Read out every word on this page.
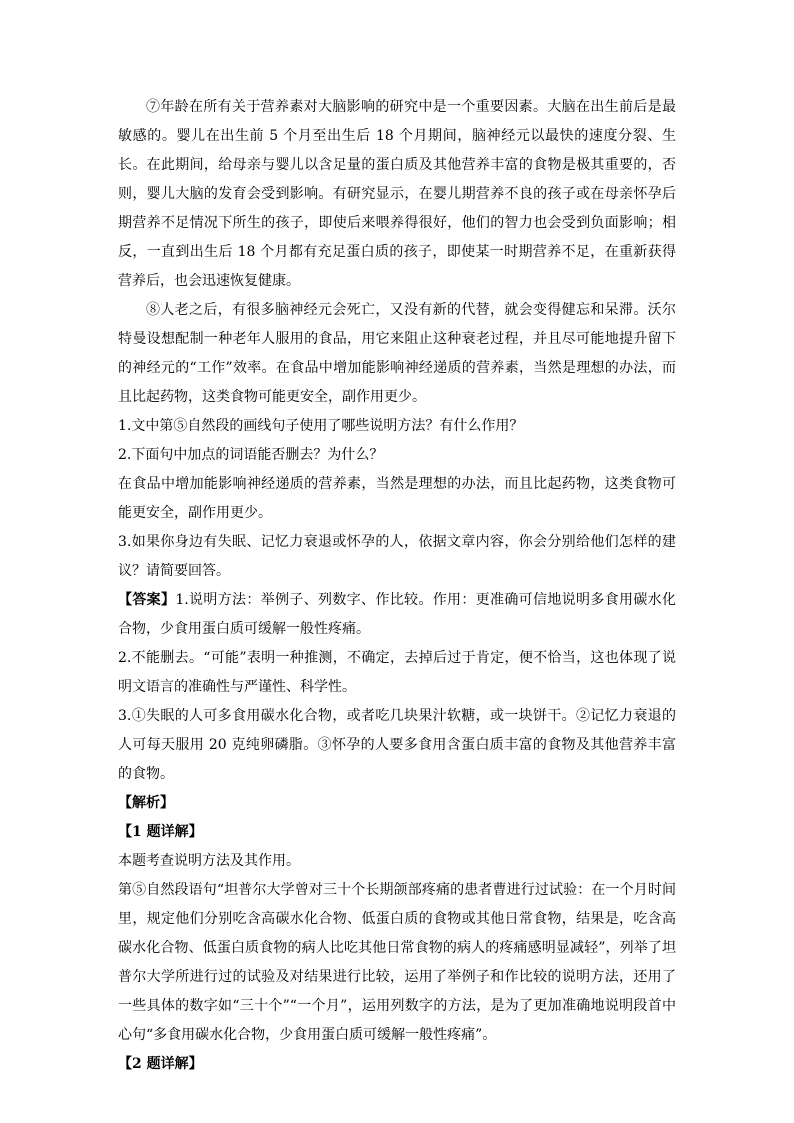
⑦年龄在所有关于营养素对大脑影响的研究中是一个重要因素。大脑在出生前后是最敏感的。婴儿在出生前 5 个月至出生后 18 个月期间，脑神经元以最快的速度分裂、生长。在此期间，给母亲与婴儿以含足量的蛋白质及其他营养丰富的食物是极其重要的，否则，婴儿大脑的发育会受到影响。有研究显示，在婴儿期营养不良的孩子或在母亲怀孕后期营养不足情况下所生的孩子，即使后来喂养得很好，他们的智力也会受到负面影响；相反，一直到出生后 18 个月都有充足蛋白质的孩子，即使某一时期营养不足，在重新获得营养后，也会迅速恢复健康。

⑧人老之后，有很多脑神经元会死亡，又没有新的代替，就会变得健忘和呆滞。沃尔特曼设想配制一种老年人服用的食品，用它来阻止这种衰老过程，并且尽可能地提升留下的神经元的“工作”效率。在食品中增加能影响神经递质的营养素，当然是理想的办法，而且比起药物，这类食物可能更安全，副作用更少。

1.文中第⑤自然段的画线句子使用了哪些说明方法？有什么作用？

2.下面句中加点的词语能否删去？为什么？

在食品中增加能影响神经递质的营养素，当然是理想的办法，而且比起药物，这类食物可能更安全，副作用更少。

3.如果你身边有失眠、记忆力衰退或怀孕的人，依据文章内容，你会分别给他们怎样的建议？请简要回答。

【答案】1.说明方法：举例子、列数字、作比较。作用：更准确可信地说明多食用碳水化合物，少食用蛋白质可缓解一般性疼痛。

2.不能删去。“可能”表明一种推测，不确定，去掉后过于肯定，便不恰当，这也体现了说明文语言的准确性与严谨性、科学性。

3.①失眠的人可多食用碳水化合物，或者吃几块果汁软糖，或一块饼干。②记忆力衰退的人可每天服用 20 克纯卵磷脂。③怀孕的人要多食用含蛋白质丰富的食物及其他营养丰富的食物。

【解析】

【1 题详解】

本题考查说明方法及其作用。

第⑤自然段语句“坦普尔大学曾对三十个长期颌部疼痛的患者曹进行过试验：在一个月时间里，规定他们分别吃含高碳水化合物、低蛋白质的食物或其他日常食物，结果是，吃含高碳水化合物、低蛋白质食物的病人比吃其他日常食物的病人的疼痛感明显减轻”，列举了坦普尔大学所进行过的试验及对结果进行比较，运用了举例子和作比较的说明方法，还用了一些具体的数字如“三十个”“一个月”，运用列数字的方法，是为了更加准确地说明段首中心句“多食用碳水化合物，少食用蛋白质可缓解一般性疼痛”。

【2 题详解】
